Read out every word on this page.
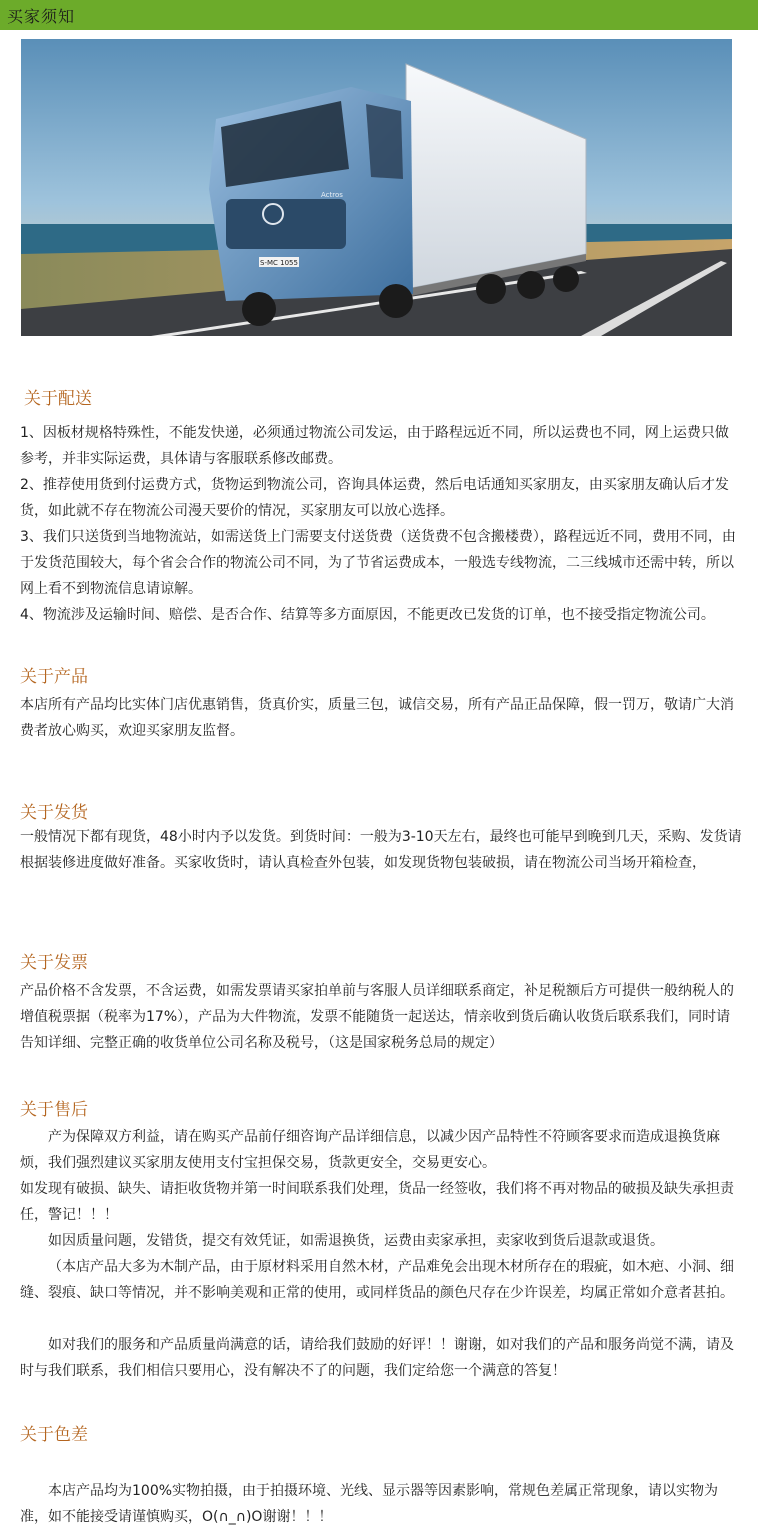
买家须知
S-MC 1055
Actros
关于配送
1、因板材规格特殊性，不能发快递，必须通过物流公司发运，由于路程远近不同，所以运费也不同，网上运费只做参考，并非实际运费，具体请与客服联系修改邮费。
2、推荐使用货到付运费方式，货物运到物流公司，咨询具体运费，然后电话通知买家朋友，由买家朋友确认后才发货，如此就不存在物流公司漫天要价的情况，买家朋友可以放心选择。
3、我们只送货到当地物流站，如需送货上门需要支付送货费（送货费不包含搬楼费），路程远近不同，费用不同，由于发货范围较大，每个省会合作的物流公司不同，为了节省运费成本，一般选专线物流，二三线城市还需中转，所以网上看不到物流信息请谅解。
4、物流涉及运输时间、赔偿、是否合作、结算等多方面原因，不能更改已发货的订单，也不接受指定物流公司。
关于产品
本店所有产品均比实体门店优惠销售，货真价实，质量三包，诚信交易，所有产品正品保障，假一罚万，敬请广大消费者放心购买，欢迎买家朋友监督。
关于发货
一般情况下都有现货，48小时内予以发货。到货时间：一般为3-10天左右，最终也可能早到晚到几天，采购、发货请根据装修进度做好准备。买家收货时，请认真检查外包装，如发现货物包装破损，请在物流公司当场开箱检查，
关于发票
产品价格不含发票，不含运费，如需发票请买家拍单前与客服人员详细联系商定，补足税额后方可提供一般纳税人的增值税票据（税率为17%），产品为大件物流，发票不能随货一起送达，情亲收到货后确认收货后联系我们，同时请告知详细、完整正确的收货单位公司名称及税号，（这是国家税务总局的规定）
关于售后
产为保障双方利益，请在购买产品前仔细咨询产品详细信息，以减少因产品特性不符顾客要求而造成退换货麻烦，我们强烈建议买家朋友使用支付宝担保交易，货款更安全，交易更安心。
如发现有破损、缺失、请拒收货物并第一时间联系我们处理，货品一经签收，我们将不再对物品的破损及缺失承担责任，警记！！！
如因质量问题，发错货，提交有效凭证，如需退换货，运费由卖家承担，卖家收到货后退款或退货。
（本店产品大多为木制产品，由于原材料采用自然木材，产品难免会出现木材所存在的瑕疵，如木疤、小洞、细缝、裂痕、缺口等情况，并不影响美观和正常的使用，或同样货品的颜色尺存在少许误差，均属正常如介意者甚拍。
如对我们的服务和产品质量尚满意的话，请给我们鼓励的好评！！谢谢，如对我们的产品和服务尚觉不满，请及时与我们联系，我们相信只要用心，没有解决不了的问题，我们定给您一个满意的答复！
关于色差
本店产品均为100%实物拍摄，由于拍摄环境、光线、显示器等因素影响，常规色差属正常现象，请以实物为准，如不能接受请谨慎购买，O(∩_∩)O谢谢！！！
